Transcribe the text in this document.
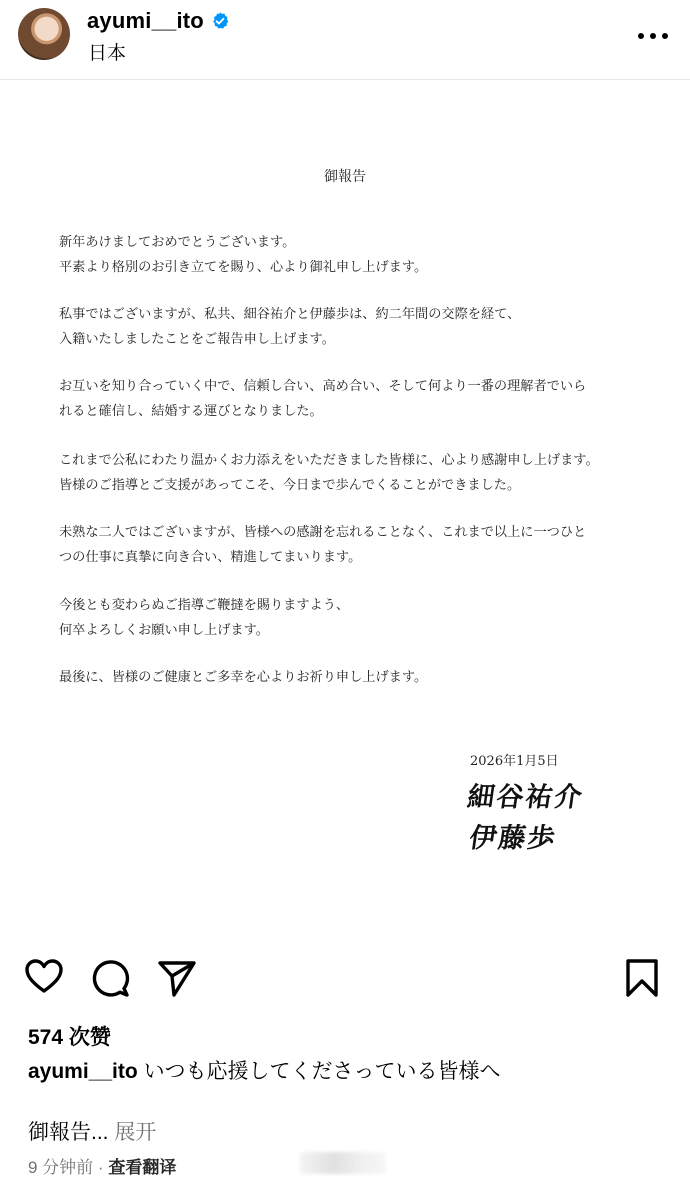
ayumi__ito
日本
御報告
新年あけましておめでとうございます。
平素より格別のお引き立てを賜り、心より御礼申し上げます。
私事ではございますが、私共、細谷祐介と伊藤歩は、約二年間の交際を経て、
入籍いたしましたことをご報告申し上げます。
お互いを知り合っていく中で、信頼し合い、高め合い、そして何より一番の理解者でいら
れると確信し、結婚する運びとなりました。
これまで公私にわたり温かくお力添えをいただきました皆様に、心より感謝申し上げます。
皆様のご指導とご支援があってこそ、今日まで歩んでくることができました。
未熟な二人ではございますが、皆様への感謝を忘れることなく、これまで以上に一つひと
つの仕事に真摯に向き合い、精進してまいります。
今後とも変わらぬご指導ご鞭撻を賜りますよう、
何卒よろしくお願い申し上げます。
最後に、皆様のご健康とご多幸を心よりお祈り申し上げます。
2026年1月5日
細谷祐介
伊藤歩
574 次赞
ayumi__ito いつも応援してくださっている皆様へ
御報告... 展开
9 分钟前 · 查看翻译
